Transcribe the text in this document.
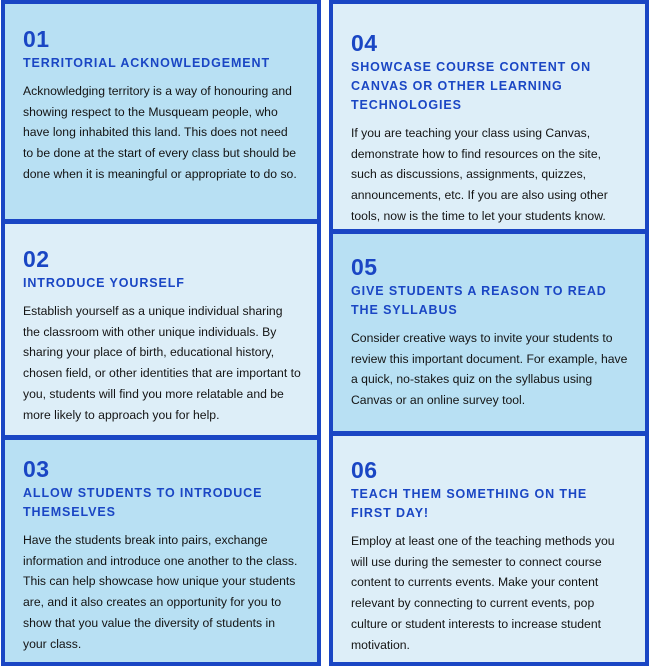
01
TERRITORIAL ACKNOWLEDGEMENT
Acknowledging territory is a way of honouring and showing respect to the Musqueam people, who have long inhabited this land. This does not need to be done at the start of every class but should be done when it is meaningful or appropriate to do so.
02
INTRODUCE YOURSELF
Establish yourself as a unique individual sharing the classroom with other unique individuals. By sharing your place of birth, educational history, chosen field, or other identities that are important to you, students will find you more relatable and be more likely to approach you for help.
03
ALLOW STUDENTS TO INTRODUCE THEMSELVES
Have the students break into pairs, exchange information and introduce one another to the class. This can help showcase how unique your students are, and it also creates an opportunity for you to show that you value the diversity of students in your class.
04
SHOWCASE COURSE CONTENT ON CANVAS OR OTHER LEARNING TECHNOLOGIES
If you are teaching your class using Canvas, demonstrate how to find resources on the site, such as discussions, assignments, quizzes, announcements, etc. If you are also using other tools, now is the time to let your students know.
05
GIVE STUDENTS A REASON TO READ THE SYLLABUS
Consider creative ways to invite your students to review this important document. For example, have a quick, no-stakes quiz on the syllabus using Canvas or an online survey tool.
06
TEACH THEM SOMETHING ON THE FIRST DAY!
Employ at least one of the teaching methods you will use during the semester to connect course content to currents events. Make your content relevant by connecting to current events, pop culture or student interests to increase student motivation.
